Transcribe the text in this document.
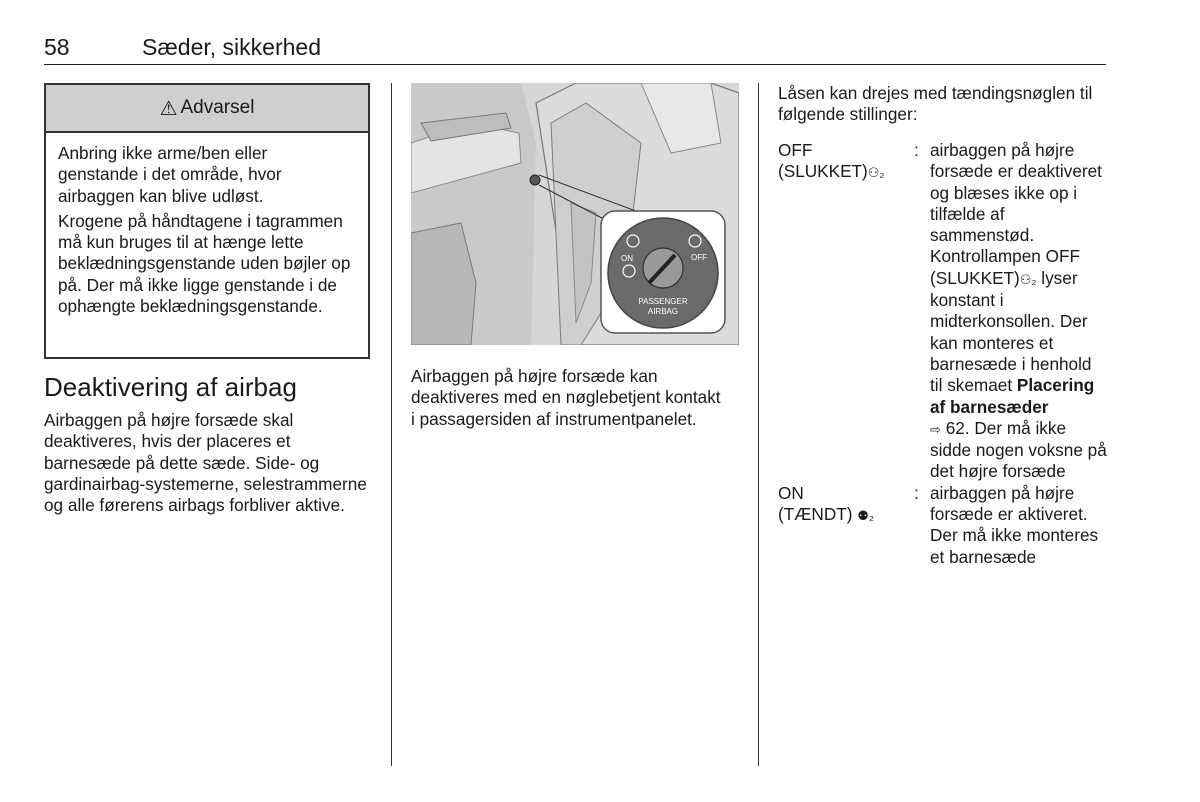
58	Sæder, sikkerhed
⚠ Advarsel

Anbring ikke arme/ben eller genstande i det område, hvor airbaggen kan blive udløst.

Krogene på håndtagene i tagrammen må kun bruges til at hænge lette beklædningsgenstande uden bøjler op på. Der må ikke ligge genstande i de ophængte beklædningsgenstande.

Deaktivering af airbag

Airbaggen på højre forsæde skal deaktiveres, hvis der placeres et barnesæde på dette sæde. Side- og gardinairbag-systemerne, selestrammerne og alle førerens airbags forbliver aktive.

ON	OFF
PASSENGER
AIRBAG

Airbaggen på højre forsæde kan deaktiveres med en nøglebetjent kontakt i passagersiden af instrumentpanelet.

Låsen kan drejes med tændingsnøglen til følgende stillinger:

OFF
(SLUKKET)⚇₂
: airbaggen på højre forsæde er deaktiveret og blæses ikke op i tilfælde af sammenstød. Kontrollampen OFF (SLUKKET)⚇₂ lyser konstant i midterkonsollen. Der kan monteres et barnesæde i henhold til skemaet Placering af barnesæder
⇨ 62. Der må ikke sidde nogen voksne på det højre forsæde
ON
(TÆNDT) ⚉₂
: airbaggen på højre forsæde er aktiveret. Der må ikke monteres et barnesæde
